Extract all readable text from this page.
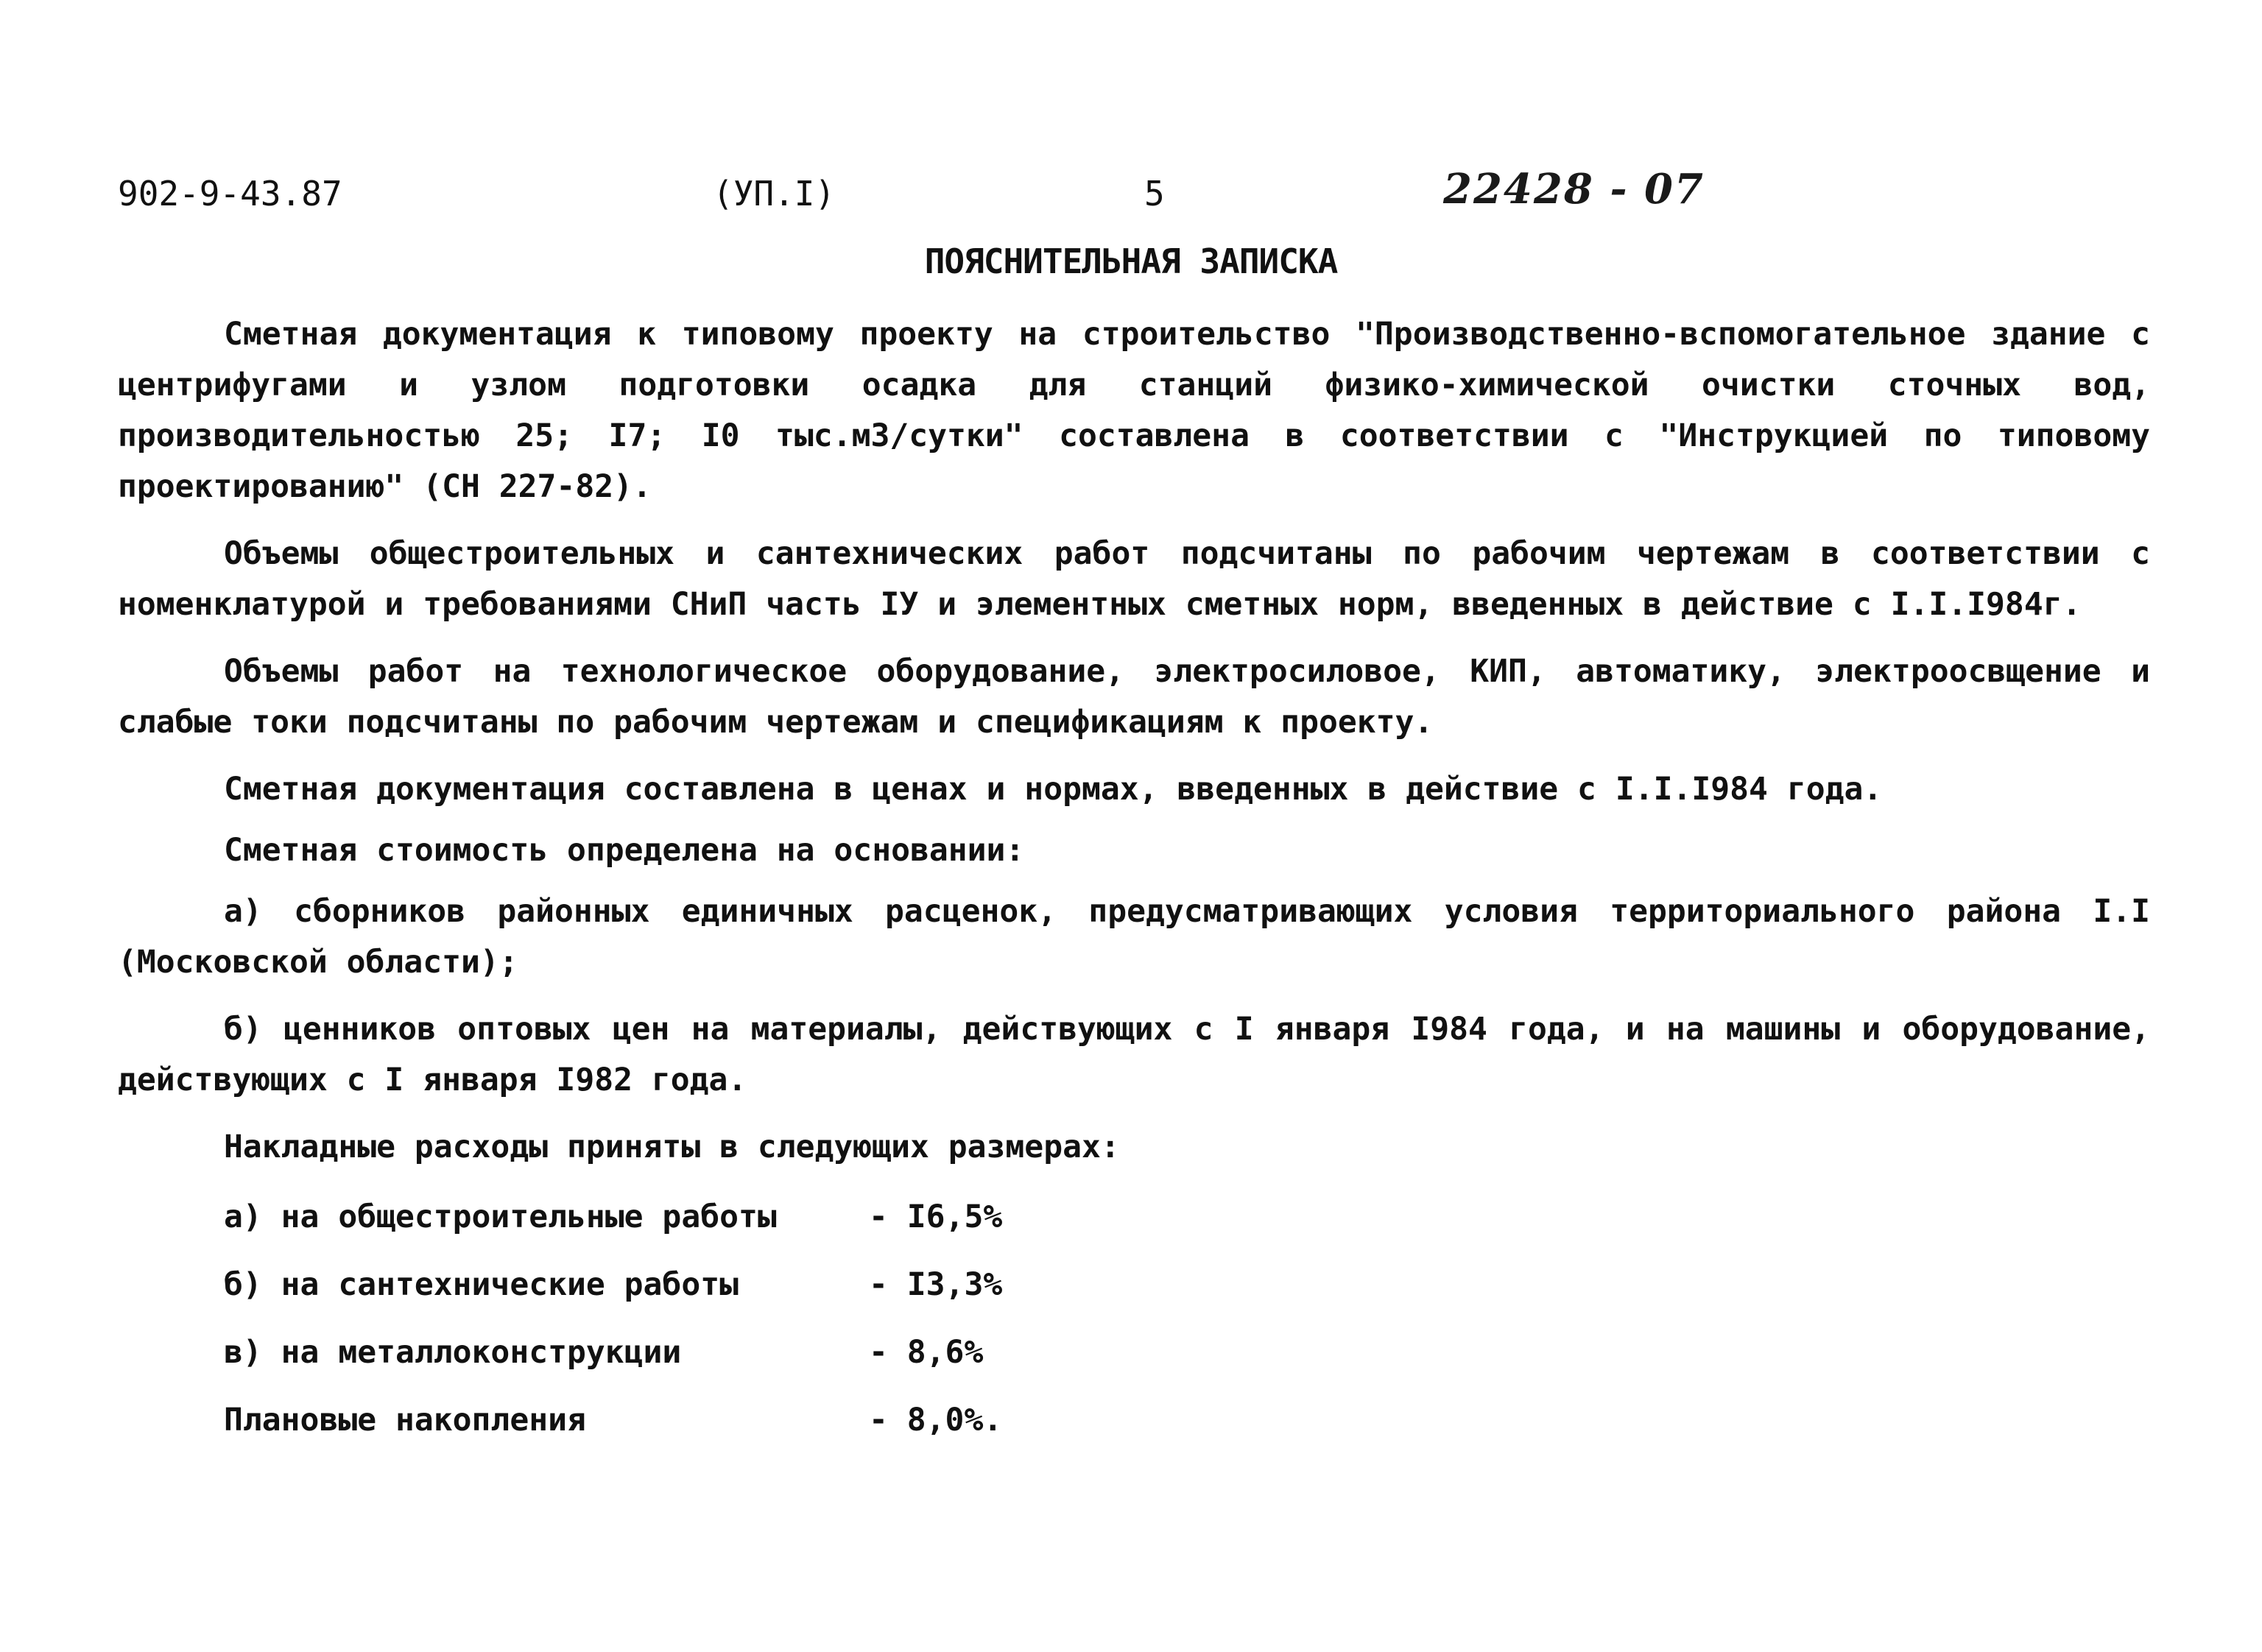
902-9-43.87	(УП.I)	5	22428 - 07
ПОЯСНИТЕЛЬНАЯ ЗАПИСКА

Сметная документация к типовому проекту на строительство "Производственно-вспомогательное здание с центрифугами и узлом подготовки осадка для станций физико-химической очистки сточных вод, производительностью 25; I7; I0 тыс.м3/сутки" составлена в соответствии с "Инструкцией по типовому проектированию" (СН 227-82).

Объемы общестроительных и сантехнических работ подсчитаны по рабочим чертежам в соответствии с номенклатурой и требованиями СНиП часть IУ и элементных сметных норм, введенных в действие с I.I.I984г.

Объемы работ на технологическое оборудование, электросиловое, КИП, автоматику, электроосвщение и слабые токи подсчитаны по рабочим чертежам и спецификациям к проекту.

Сметная документация составлена в ценах и нормах, введенных в действие с I.I.I984 года.

Сметная стоимость определена на основании:

а) сборников районных единичных расценок, предусматривающих условия территориального района I.I (Московской области);

б) ценников оптовых цен на материалы, действующих с I января I984 года, и на машины и оборудование, действующих с I января I982 года.

Накладные расходы приняты в следующих размерах:

а) на общестроительные работы	- I6,5%
б) на сантехнические работы	- I3,3%
в) на металлоконструкции	- 8,6%
Плановые накопления	- 8,0%.
